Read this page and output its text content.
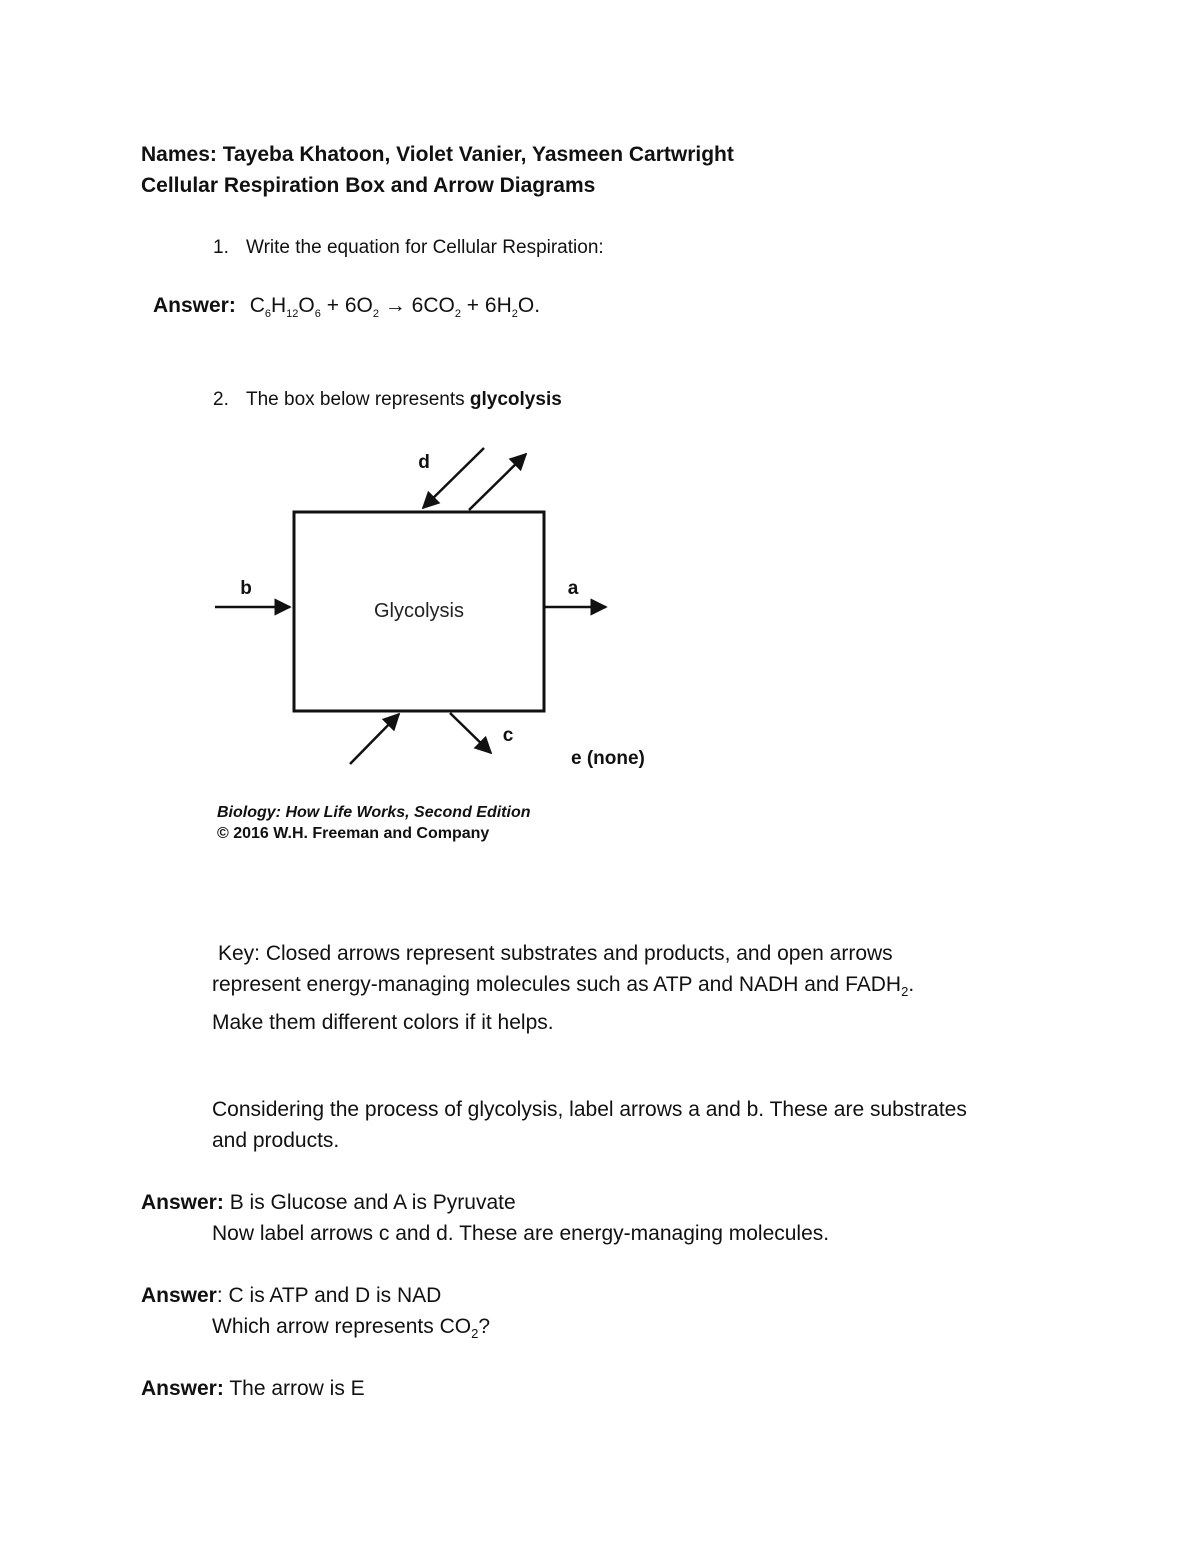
Names: Tayeba Khatoon, Violet Vanier, Yasmeen Cartwright
Cellular Respiration Box and Arrow Diagrams
1. Write the equation for Cellular Respiration:
Answer: $C_6H_{12}O_6 + 6O_2 \to 6CO_2 + 6H_2O$.
2. The box below represents glycolysis
Glycolysis
b	a
d
c
e (none)
Biology: How Life Works, Second Edition
© 2016 W.H. Freeman and Company
Key: Closed arrows represent substrates and products, and open arrows
represent energy-managing molecules such as ATP and NADH and $FADH_2$.
Make them different colors if it helps.
Considering the process of glycolysis, label arrows a and b. These are substrates
and products.
Answer: B is Glucose and A is Pyruvate
Now label arrows c and d. These are energy-managing molecules.
Answer: C is ATP and D is NAD
Which arrow represents $CO_2$?
Answer: The arrow is E
